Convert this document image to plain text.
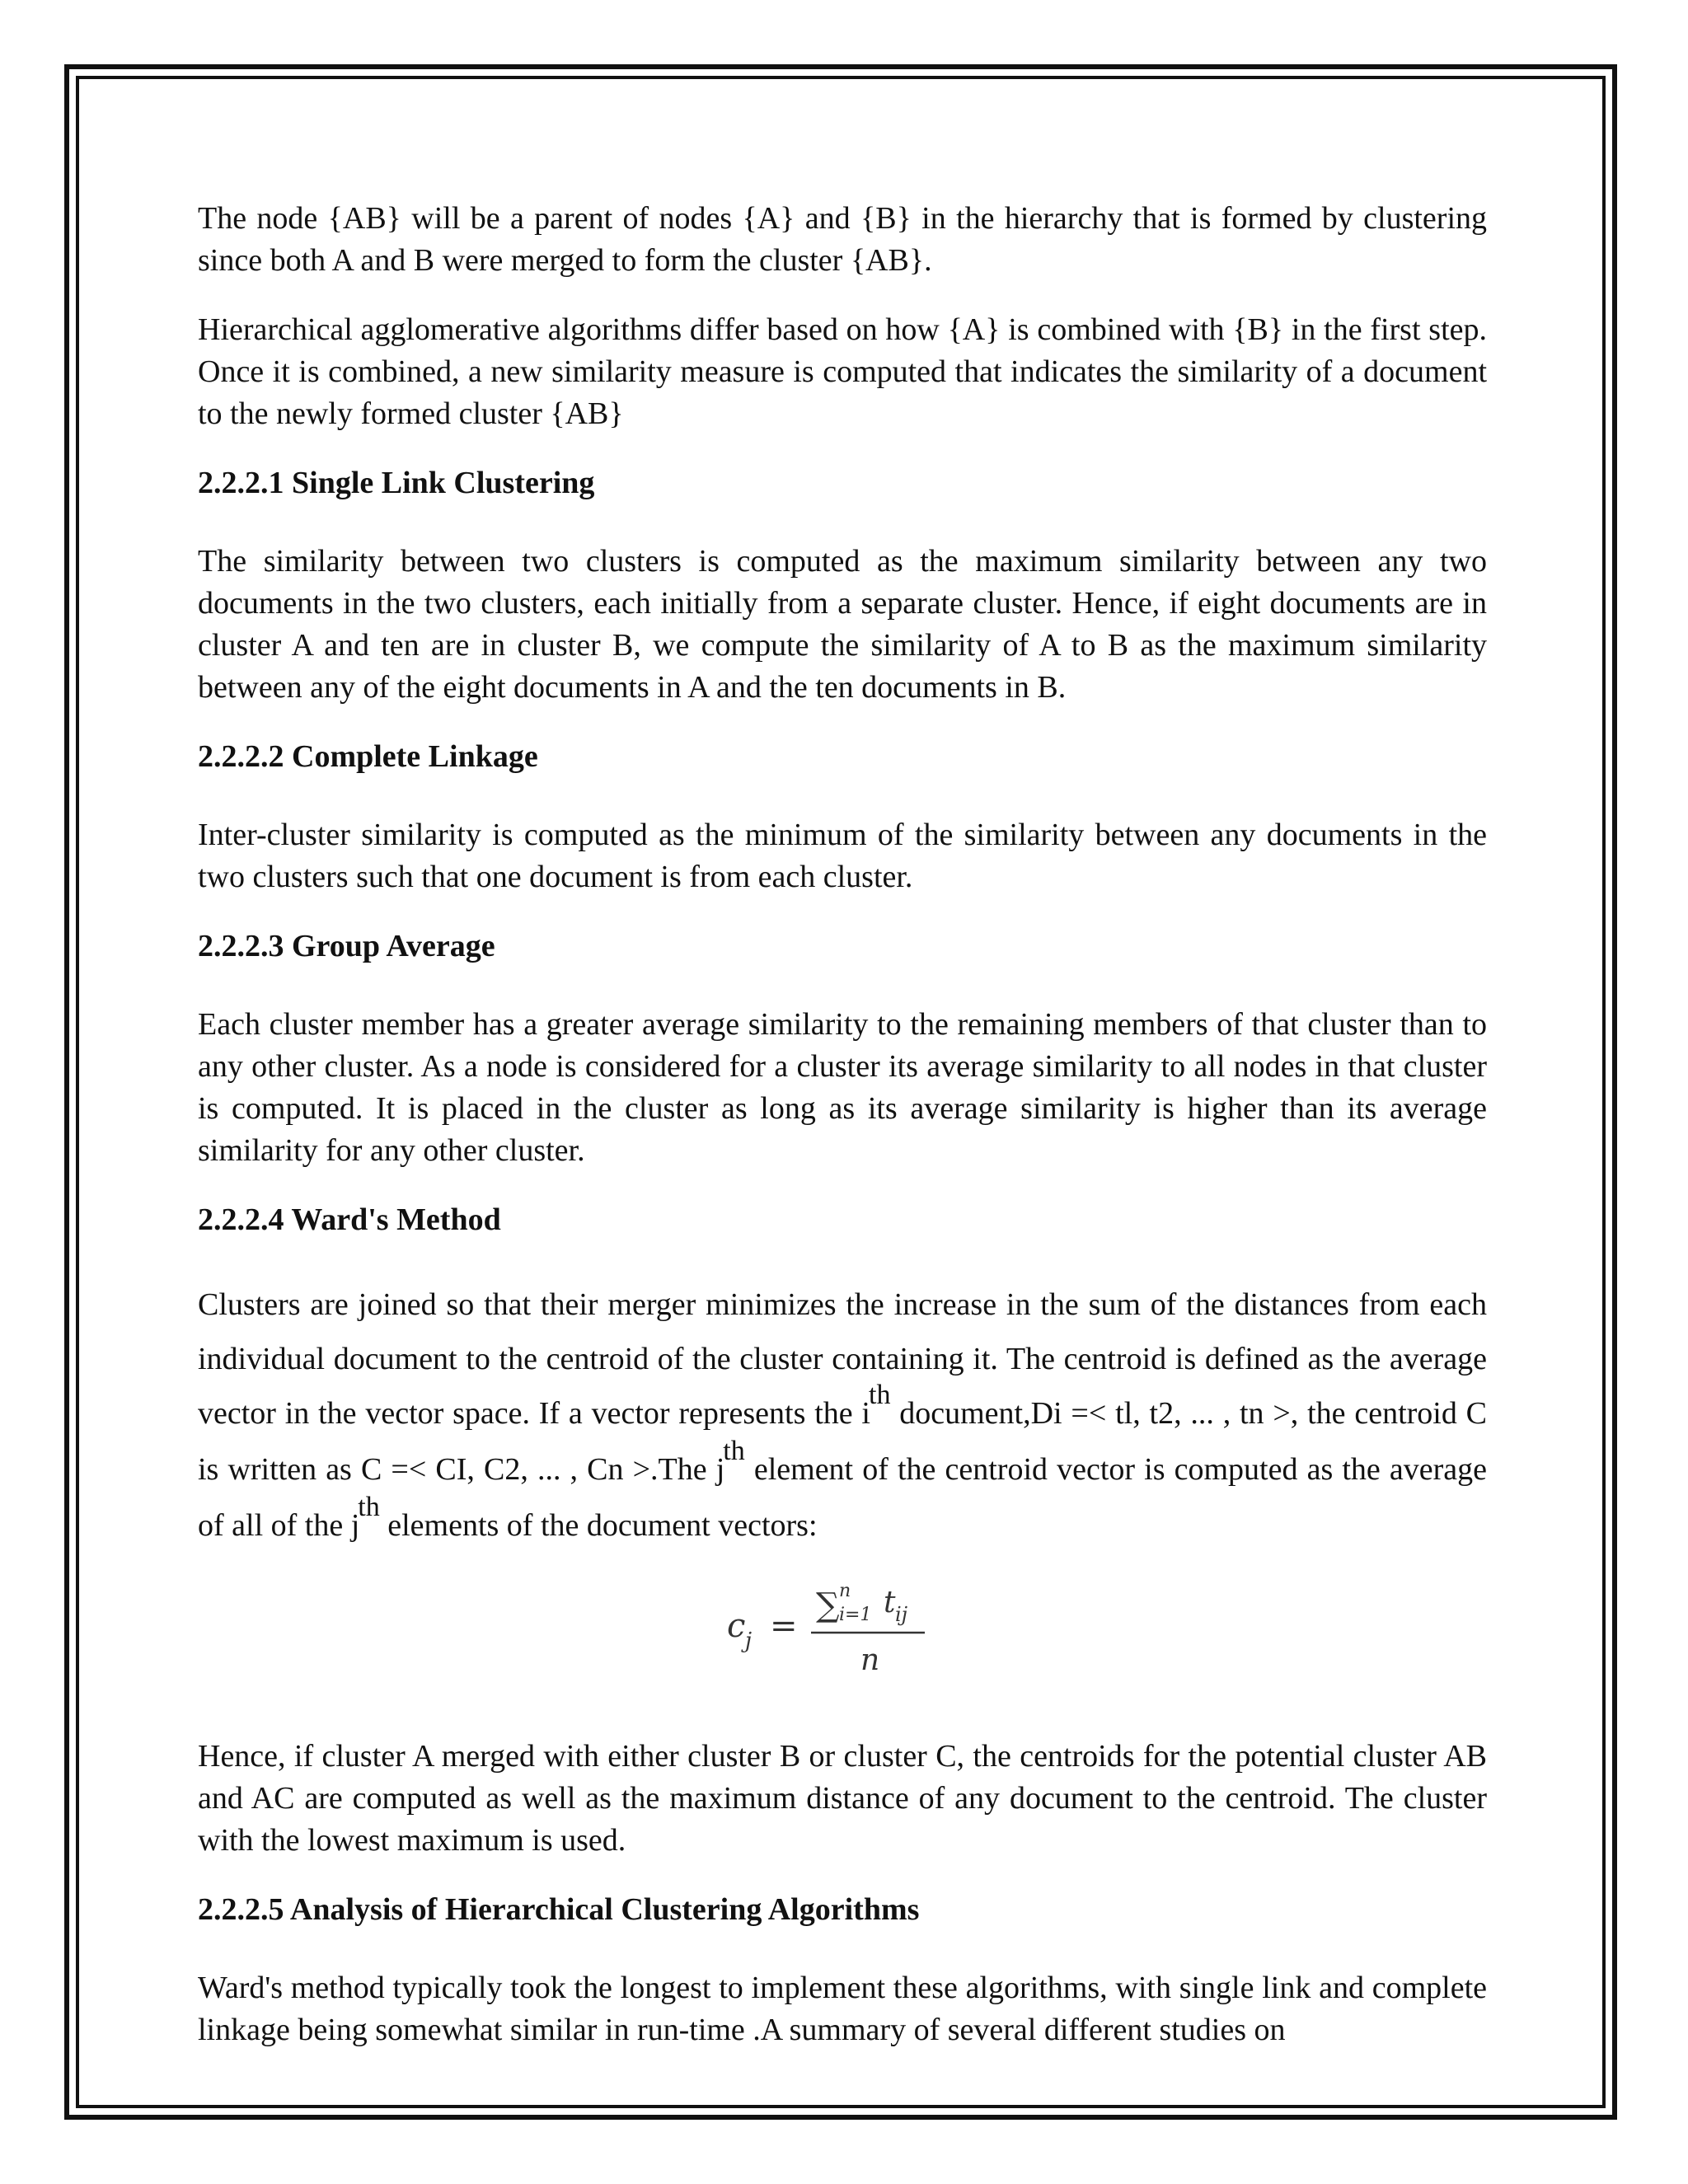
The node {AB} will be a parent of nodes {A} and {B} in the hierarchy that is formed by clustering since both A and B were merged to form the cluster {AB}.

Hierarchical agglomerative algorithms differ based on how {A} is combined with {B} in the first step. Once it is combined, a new similarity measure is computed that indicates the similarity of a document to the newly formed cluster {AB}

2.2.2.1 Single Link Clustering

The similarity between two clusters is computed as the maximum similarity between any two documents in the two clusters, each initially from a separate cluster. Hence, if eight documents are in cluster A and ten are in cluster B, we compute the similarity of A to B as the maximum similarity between any of the eight documents in A and the ten documents in B.

2.2.2.2 Complete Linkage

Inter-cluster similarity is computed as the minimum of the similarity between any documents in the two clusters such that one document is from each cluster.

2.2.2.3 Group Average

Each cluster member has a greater average similarity to the remaining members of that cluster than to any other cluster. As a node is considered for a cluster its average similarity to all nodes in that cluster is computed. It is placed in the cluster as long as its average similarity is higher than its average similarity for any other cluster.

2.2.2.4 Ward's Method

Clusters are joined so that their merger minimizes the increase in the sum of the distances from each individual document to the centroid of the cluster containing it. The centroid is defined as the average vector in the vector space. If a vector represents the ith document,Di =< tl, t2, ... , tn >, the centroid C is written as C =< CI, C2, ... , Cn >.The jth element of the centroid vector is computed as the average of all of the jth elements of the document vectors:

c j =
∑ n
i=1 t ij
n

Hence, if cluster A merged with either cluster B or cluster C, the centroids for the potential cluster AB and AC are computed as well as the maximum distance of any document to the centroid. The cluster with the lowest maximum is used.

2.2.2.5 Analysis of Hierarchical Clustering Algorithms

Ward's method typically took the longest to implement these algorithms, with single link and complete linkage being somewhat similar in run-time .A summary of several different studies on
